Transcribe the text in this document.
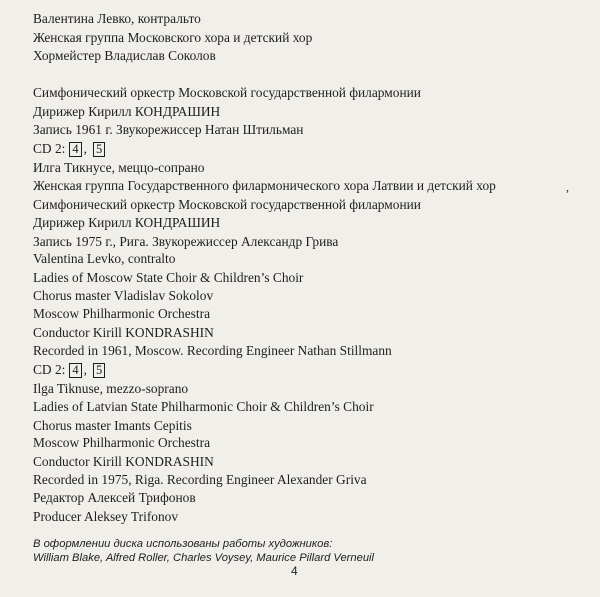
Валентина Левко, контральто
Женская группа Московского хора и детский хор
Хормейстер Владислав Соколов
Симфонический оркестр Московской государственной филармонии
Дирижер Кирилл КОНДРАШИН
Запись 1961 г. Звукорежиссер Натан Штильман
CD 2: 4 , 5
Илга Тикнусе, меццо-сопрано
Женская группа Государственного филармонического хора Латвии и детский хор
Симфонический оркестр Московской государственной филармонии
Дирижер Кирилл КОНДРАШИН
Запись 1975 г., Рига. Звукорежиссер Александр Грива
,
Valentina Levko, contralto
Ladies of Moscow State Choir & Children’s Choir
Chorus master Vladislav Sokolov
Moscow Philharmonic Orchestra
Conductor Kirill KONDRASHIN
Recorded in 1961, Moscow. Recording Engineer Nathan Stillmann
CD 2: 4 , 5
Ilga Tiknuse, mezzo-soprano
Ladies of Latvian State Philharmonic Choir & Children’s Choir
Chorus master Imants Cepitis
Moscow Philharmonic Orchestra
Conductor Kirill KONDRASHIN
Recorded in 1975, Riga. Recording Engineer Alexander Griva
Редактор Алексей Трифонов
Producer Aleksey Trifonov
В оформлении диска использованы работы художников:
William Blake, Alfred Roller, Charles Voysey, Maurice Pillard Verneuil
4
